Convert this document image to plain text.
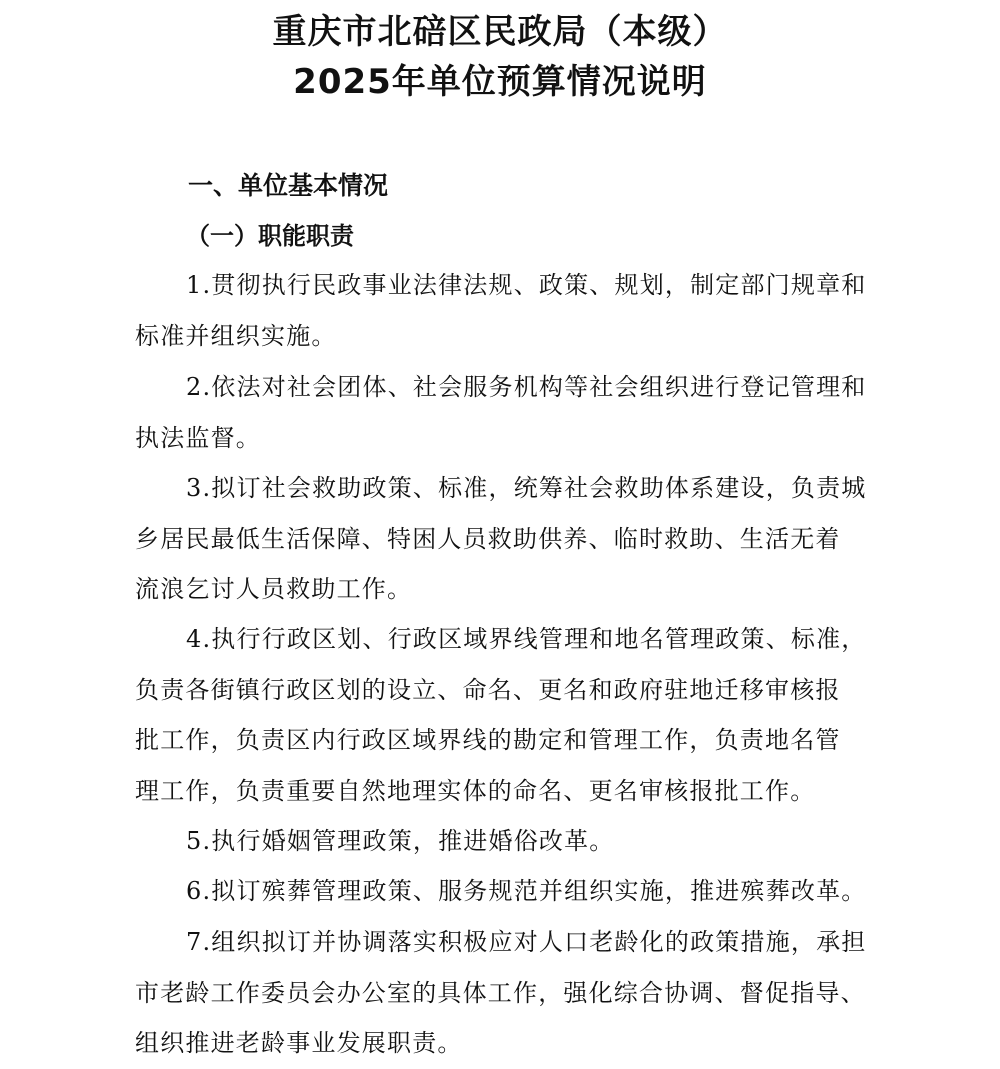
重庆市北碚区民政局（本级）
2025年单位预算情况说明
一、单位基本情况
（一）职能职责

1.贯彻执行民政事业法律法规、政策、规划，制定部门规章和
标准并组织实施。

2.依法对社会团体、社会服务机构等社会组织进行登记管理和
执法监督。

3.拟订社会救助政策、标准，统筹社会救助体系建设，负责城
乡居民最低生活保障、特困人员救助供养、临时救助、生活无着
流浪乞讨人员救助工作。

4.执行行政区划、行政区域界线管理和地名管理政策、标准，
负责各街镇行政区划的设立、命名、更名和政府驻地迁移审核报
批工作，负责区内行政区域界线的勘定和管理工作，负责地名管
理工作，负责重要自然地理实体的命名、更名审核报批工作。

5.执行婚姻管理政策，推进婚俗改革。

6.拟订殡葬管理政策、服务规范并组织实施，推进殡葬改革。

7.组织拟订并协调落实积极应对人口老龄化的政策措施，承担
市老龄工作委员会办公室的具体工作，强化综合协调、督促指导、
组织推进老龄事业发展职责。
